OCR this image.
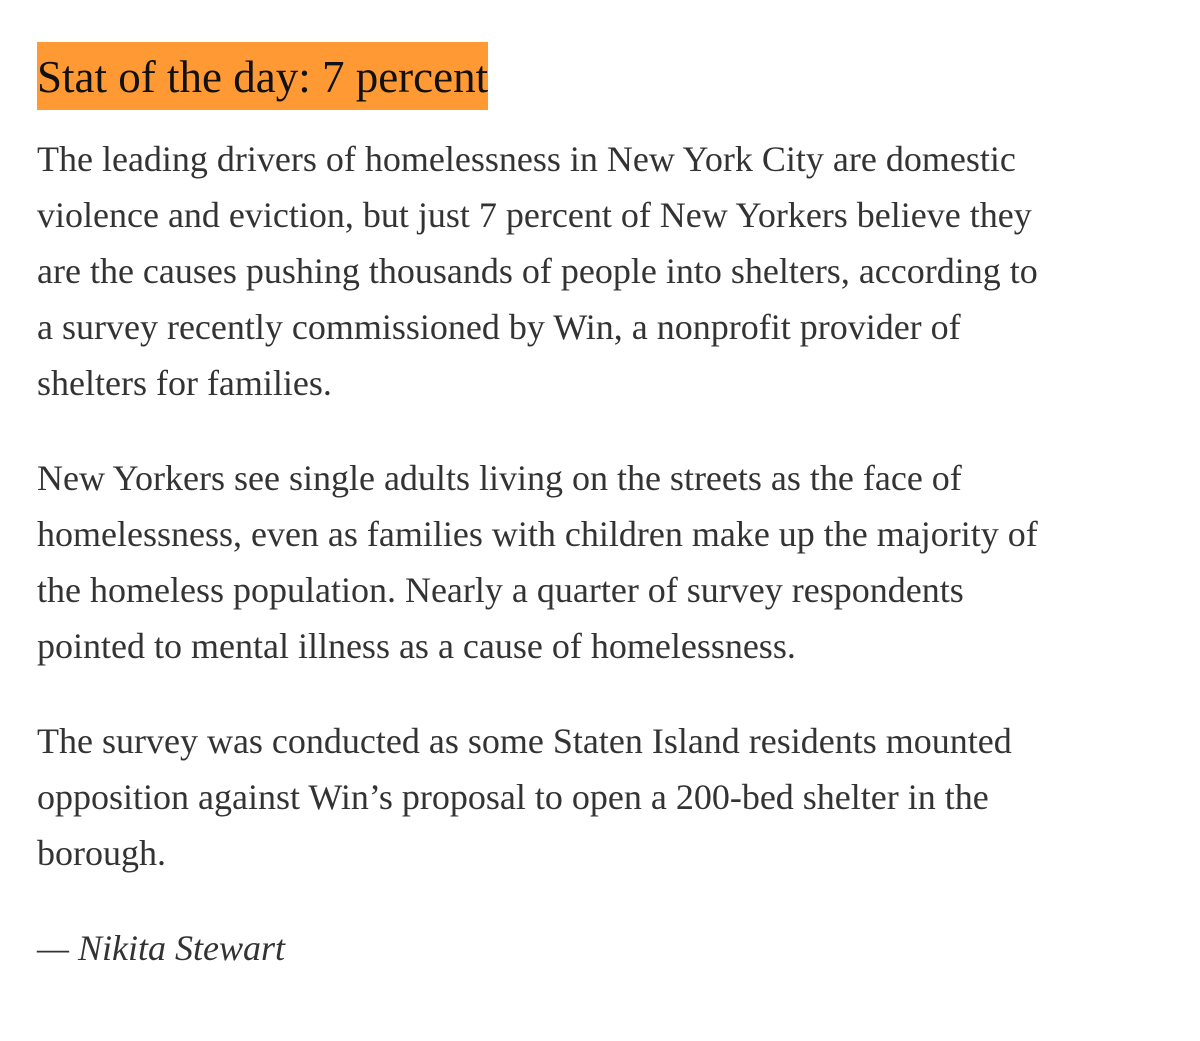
Stat of the day: 7 percent

The leading drivers of homelessness in New York City are domestic
violence and eviction, but just 7 percent of New Yorkers believe they
are the causes pushing thousands of people into shelters, according to
a survey recently commissioned by Win, a nonprofit provider of
shelters for families.

New Yorkers see single adults living on the streets as the face of
homelessness, even as families with children make up the majority of
the homeless population. Nearly a quarter of survey respondents
pointed to mental illness as a cause of homelessness.

The survey was conducted as some Staten Island residents mounted
opposition against Win’s proposal to open a 200-bed shelter in the
borough.

— Nikita Stewart
